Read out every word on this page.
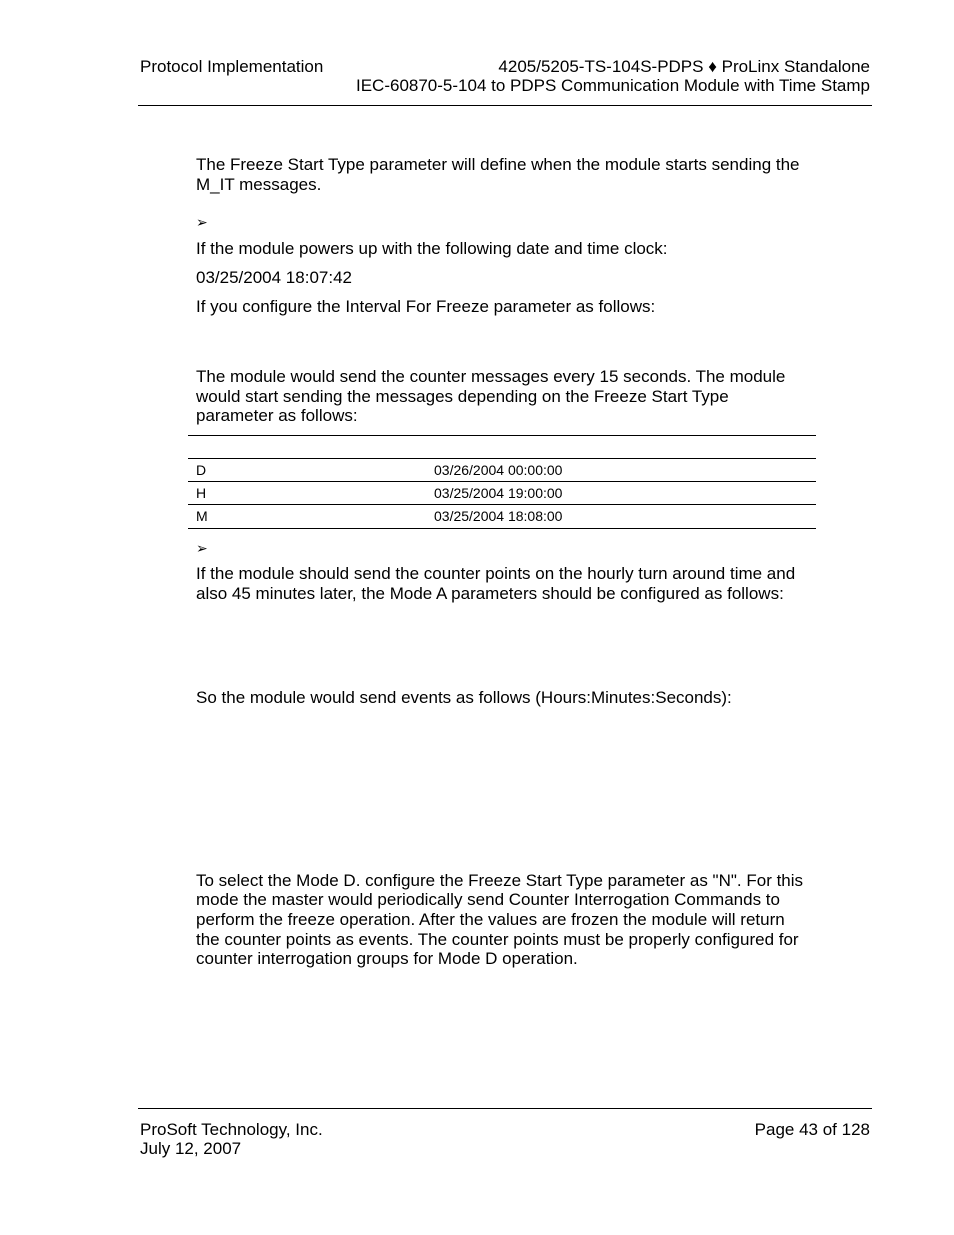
Protocol Implementation	4205/5205-TS-104S-PDPS ♦ ProLinx Standalone
IEC-60870-5-104 to PDPS Communication Module with Time Stamp
The Freeze Start Type parameter will define when the module starts sending the
M_IT messages.
➢
If the module powers up with the following date and time clock:
03/25/2004 18:07:42
If you configure the Interval For Freeze parameter as follows:
The module would send the counter messages every 15 seconds. The module
would start sending the messages depending on the Freeze Start Type
parameter as follows:
D	03/26/2004 00:00:00
H	03/25/2004 19:00:00
M	03/25/2004 18:08:00
➢
If the module should send the counter points on the hourly turn around time and
also 45 minutes later, the Mode A parameters should be configured as follows:
So the module would send events as follows (Hours:Minutes:Seconds):
To select the Mode D. configure the Freeze Start Type parameter as "N". For this
mode the master would periodically send Counter Interrogation Commands to
perform the freeze operation. After the values are frozen the module will return
the counter points as events. The counter points must be properly configured for
counter interrogation groups for Mode D operation.
ProSoft Technology, Inc.
July 12, 2007
Page 43 of 128
